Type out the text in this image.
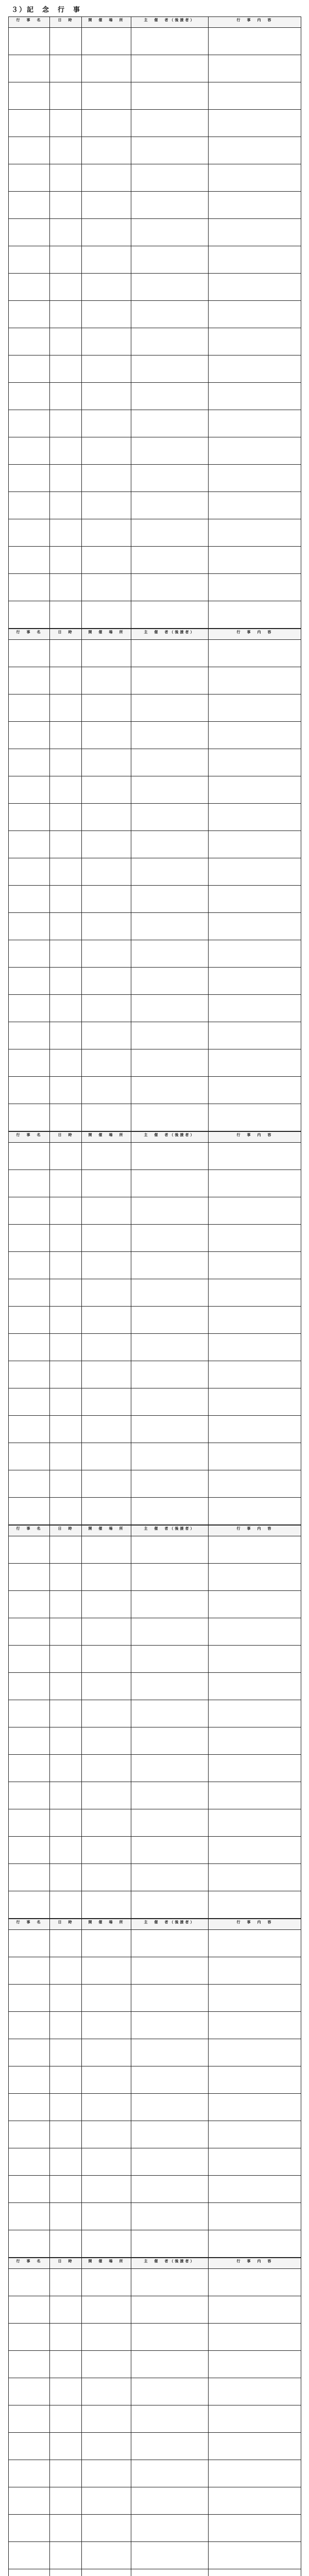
３）記　念　行　事
行　事　名	日　時	開　催　場　所	主　催　者（後援者）	行　事　内　容

行　事　名	日　時	開　催　場　所	主　催　者（後援者）	行　事　内　容

行　事　名	日　時	開　催　場　所	主　催　者（後援者）	行　事　内　容

行　事　名	日　時	開　催　場　所	主　催　者（後援者）	行　事　内　容

行　事　名	日　時	開　催　場　所	主　催　者（後援者）	行　事　内　容

行　事　名	日　時	開　催　場　所	主　催　者（後援者）	行　事　内　容
